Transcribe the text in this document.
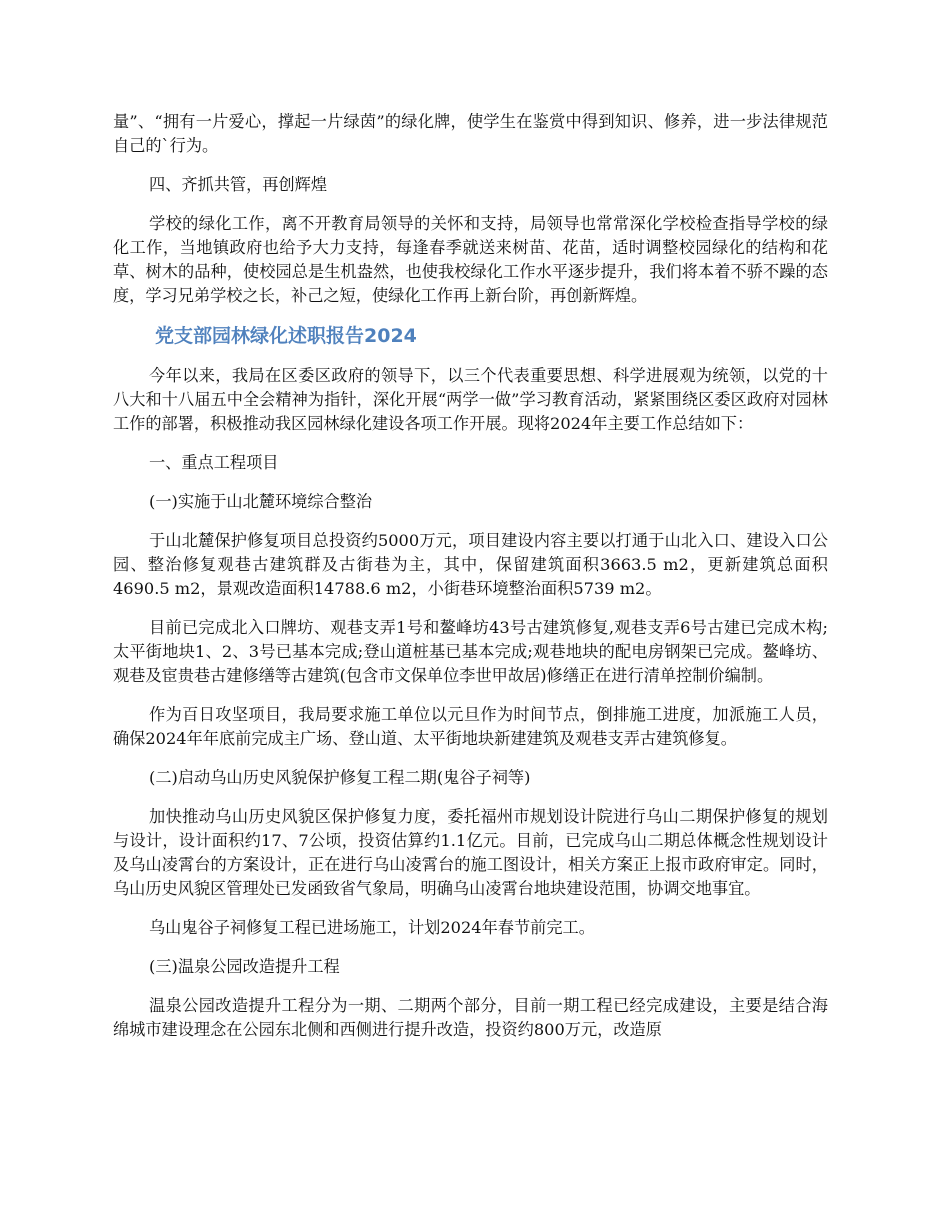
量”、“拥有一片爱心，撑起一片绿茵”的绿化牌，使学生在鉴赏中得到知识、修养，进一步法律规范自己的`行为。

四、齐抓共管，再创辉煌

学校的绿化工作，离不开教育局领导的关怀和支持，局领导也常常深化学校检查指导学校的绿化工作，当地镇政府也给予大力支持，每逢春季就送来树苗、花苗，适时调整校园绿化的结构和花草、树木的品种，使校园总是生机盎然，也使我校绿化工作水平逐步提升，我们将本着不骄不躁的态度，学习兄弟学校之长，补己之短，使绿化工作再上新台阶，再创新辉煌。

党支部园林绿化述职报告2024

今年以来，我局在区委区政府的领导下，以三个代表重要思想、科学进展观为统领，以党的十八大和十八届五中全会精神为指针，深化开展“两学一做”学习教育活动，紧紧围绕区委区政府对园林工作的部署，积极推动我区园林绿化建设各项工作开展。现将2024年主要工作总结如下：

一、重点工程项目

(一)实施于山北麓环境综合整治

于山北麓保护修复项目总投资约5000万元，项目建设内容主要以打通于山北入口、建设入口公园、整治修复观巷古建筑群及古街巷为主，其中，保留建筑面积3663.5 m2，更新建筑总面积4690.5 m2，景观改造面积14788.6 m2，小街巷环境整治面积5739 m2。

目前已完成北入口牌坊、观巷支弄1号和鳌峰坊43号古建筑修复,观巷支弄6号古建已完成木构;太平街地块1、2、3号已基本完成;登山道桩基已基本完成;观巷地块的配电房钢架已完成。鳌峰坊、观巷及宦贵巷古建修缮等古建筑(包含市文保单位李世甲故居)修缮正在进行清单控制价编制。

作为百日攻坚项目，我局要求施工单位以元旦作为时间节点，倒排施工进度，加派施工人员，确保2024年年底前完成主广场、登山道、太平街地块新建建筑及观巷支弄古建筑修复。

(二)启动乌山历史风貌保护修复工程二期(鬼谷子祠等)

加快推动乌山历史风貌区保护修复力度，委托福州市规划设计院进行乌山二期保护修复的规划与设计，设计面积约17、7公顷，投资估算约1.1亿元。目前，已完成乌山二期总体概念性规划设计及乌山凌霄台的方案设计，正在进行乌山凌霄台的施工图设计，相关方案正上报市政府审定。同时，乌山历史风貌区管理处已发函致省气象局，明确乌山凌霄台地块建设范围，协调交地事宜。

乌山鬼谷子祠修复工程已进场施工，计划2024年春节前完工。

(三)温泉公园改造提升工程

温泉公园改造提升工程分为一期、二期两个部分，目前一期工程已经完成建设，主要是结合海绵城市建设理念在公园东北侧和西侧进行提升改造，投资约800万元，改造原
